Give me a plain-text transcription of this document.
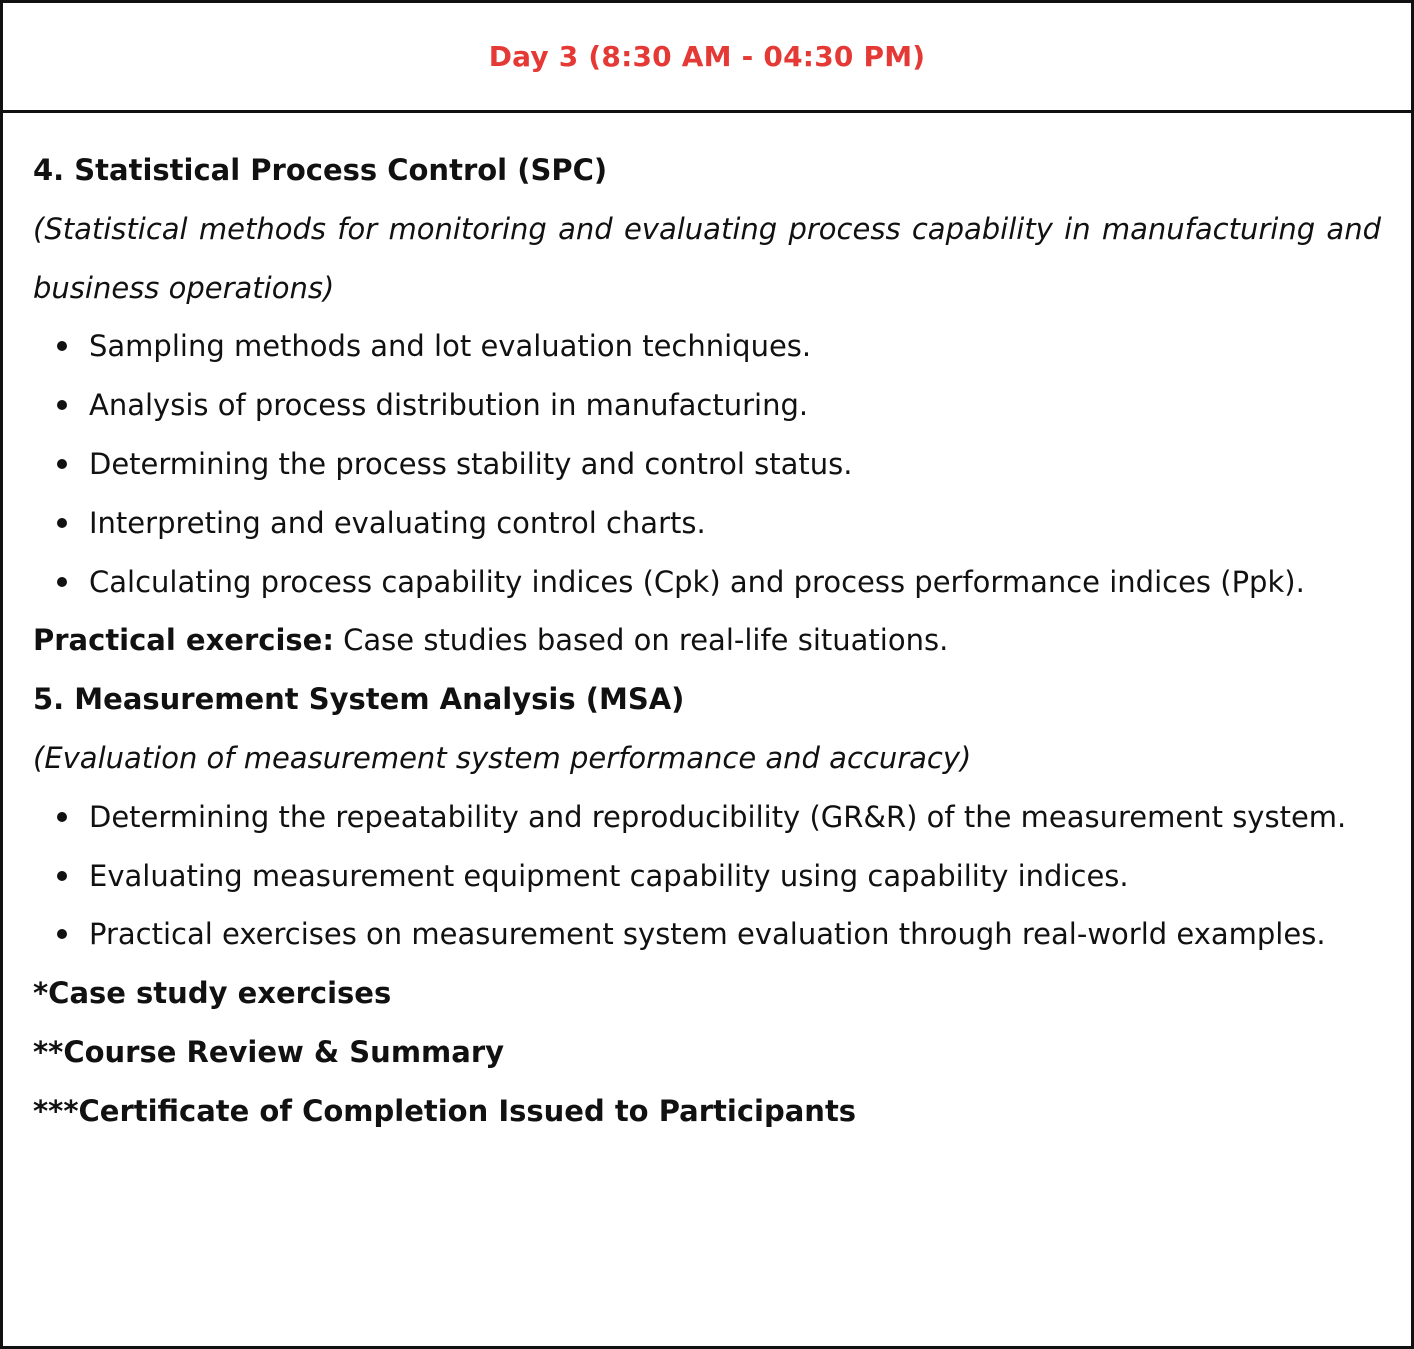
Day 3 (8:30 AM - 04:30 PM)
4. Statistical Process Control (SPC)
(Statistical methods for monitoring and evaluating process capability in manufacturing and business operations)
Sampling methods and lot evaluation techniques.
Analysis of process distribution in manufacturing.
Determining the process stability and control status.
Interpreting and evaluating control charts.
Calculating process capability indices (Cpk) and process performance indices (Ppk).
Practical exercise: Case studies based on real-life situations.
5. Measurement System Analysis (MSA)
(Evaluation of measurement system performance and accuracy)
Determining the repeatability and reproducibility (GR&R) of the measurement system.
Evaluating measurement equipment capability using capability indices.
Practical exercises on measurement system evaluation through real-world examples.
*Case study exercises
**Course Review & Summary
***Certificate of Completion Issued to Participants
